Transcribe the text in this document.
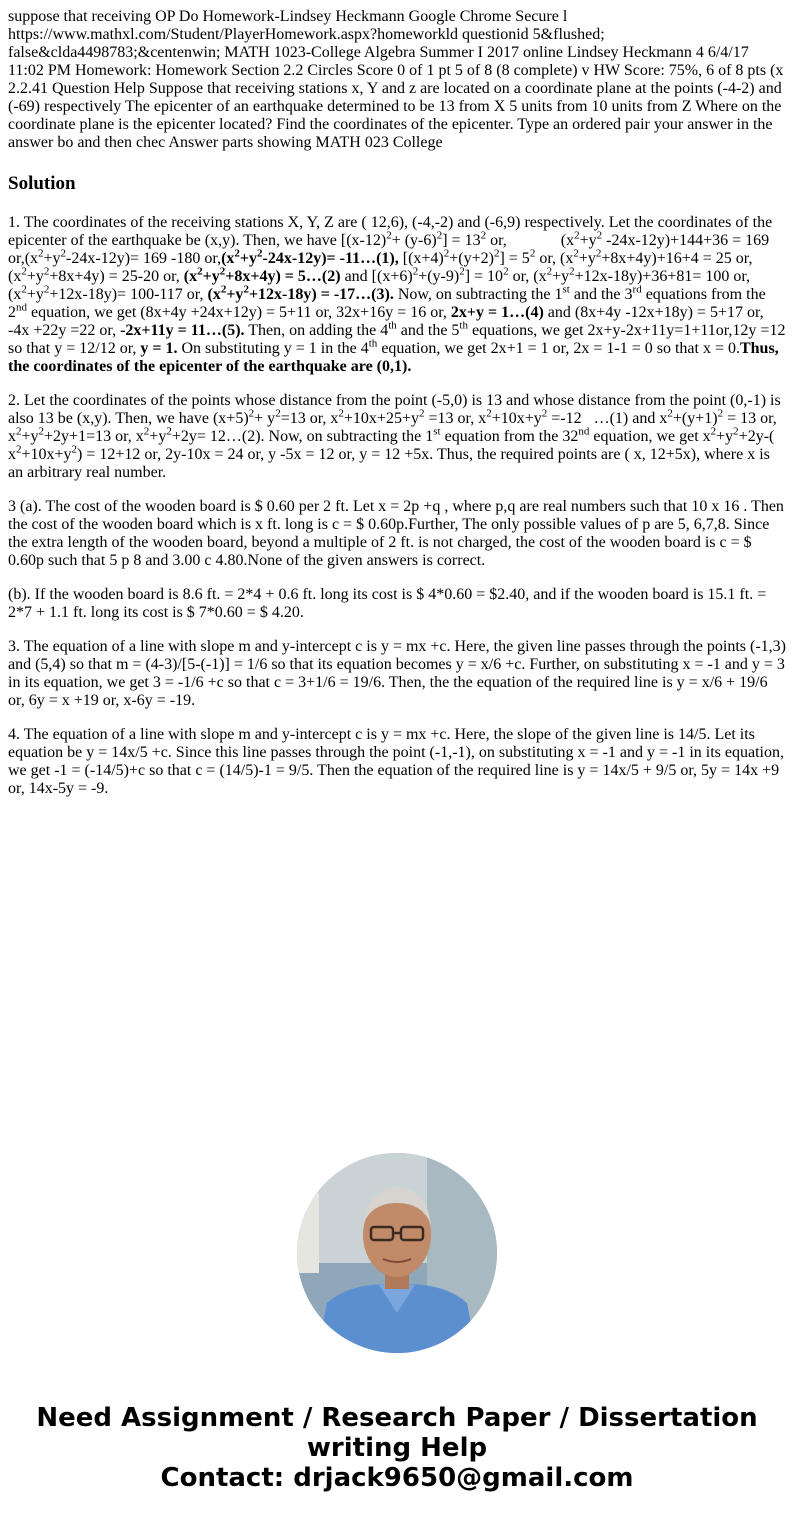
suppose that receiving OP Do Homework-Lindsey Heckmann Google Chrome Secure l https://www.mathxl.com/Student/PlayerHomework.aspx?homeworkld questionid 5&flushed; false&clda4498783;&centenwin; MATH 1023-College Algebra Summer I 2017 online Lindsey Heckmann 4 6/4/17 11:02 PM Homework: Homework Section 2.2 Circles Score 0 of 1 pt 5 of 8 (8 complete) v HW Score: 75%, 6 of 8 pts (x 2.2.41 Question Help Suppose that receiving stations x, Y and z are located on a coordinate plane at the points (-4-2) and (-69) respectively The epicenter of an earthquake determined to be 13 from X 5 units from 10 units from Z Where on the coordinate plane is the epicenter located? Find the coordinates of the epicenter. Type an ordered pair your answer in the answer bo and then chec Answer parts showing MATH 023 College

Solution

1. The coordinates of the receiving stations X, Y, Z are ( 12,6), (-4,-2) and (-6,9) respectively. Let the coordinates of the epicenter of the earthquake be (x,y). Then, we have $[(x-12)^2+ (y-6)^2] = 13^2$ or,	($x^2+y^2$ -24x-12y)+144+36 = 169 $or,(x^2+y^2-24x-12y)= 169$ -180 $or,(x^2+y^2-24x-12y)=$ -11…(1), $[(x+4)^2+(y+2)^2] = 5^2$ or, $(x^2+y^2+8x+4y)+16+4 = 25$ or, $(x^2+y^2+8x+4y) = 25-20$ or, $(x^2+y^2+8x+4y)$ = 5…(2) and $[(x+6)^2+(y-9)^2] = 10^2$ or, $(x^2+y^2+12x-18y)+36+81= 100$ or, $(x^2+y^2+12x-18y)= 100-117$ or, $(x^2+y^2+12x-18y)$ = -17…(3). Now, on subtracting the 1st and the 3rd equations from the 2nd equation, we get (8x+4y +24x+12y) = 5+11 or, 32x+16y = 16 or, 2x+y = 1…(4) and (8x+4y -12x+18y) = 5+17 or, -4x +22y =22 or, -2x+11y = 11…(5). Then, on adding the 4th and the 5th equations, we get 2x+y-2x+11y=1+11or,12y =12 so that y = 12/12 or, y = 1. On substituting y = 1 in the 4th equation, we get 2x+1 = 1 or, 2x = 1-1 = 0 so that x = 0.Thus, the coordinates of the epicenter of the earthquake are (0,1).

2. Let the coordinates of the points whose distance from the point (-5,0) is 13 and whose distance from the point (0,-1) is also 13 be (x,y). Then, we have $(x+5)^2+ y^2=13$ or, $x^2+10x+25+y^2 =13$ or, $x^2+10x+y^2 =-12$   …(1) and $x^2+(y+1)^2 = 13$ or, $x^2+y^2+2y+1=13$ or, $x^2+y^2+2y=$ 12…(2). Now, on subtracting the 1st equation from the 32nd equation, we get $x^2+y^2+2y-$( $x^2+10x+y^2) = 12+12$ or, 2y-10x = 24 or, y -5x = 12 or, y = 12 +5x. Thus, the required points are ( x, 12+5x), where x is an arbitrary real number.

3 (a). The cost of the wooden board is $ 0.60 per 2 ft. Let x = 2p +q , where p,q are real numbers such that 10 x 16 . Then the cost of the wooden board which is x ft. long is c = $ 0.60p.Further, The only possible values of p are 5, 6,7,8. Since the extra length of the wooden board, beyond a multiple of 2 ft. is not charged, the cost of the wooden board is c = $ 0.60p such that 5 p 8 and 3.00 c 4.80.None of the given answers is correct.

(b). If the wooden board is 8.6 ft. = 2*4 + 0.6 ft. long its cost is $ 4*0.60 = $2.40, and if the wooden board is 15.1 ft. = 2*7 + 1.1 ft. long its cost is $ 7*0.60 = $ 4.20.

3. The equation of a line with slope m and y-intercept c is y = mx +c. Here, the given line passes through the points (-1,3) and (5,4) so that m = (4-3)/[5-(-1)] = 1/6 so that its equation becomes y = x/6 +c. Further, on substituting x = -1 and y = 3 in its equation, we get 3 = -1/6 +c so that c = 3+1/6 = 19/6. Then, the the equation of the required line is y = x/6 + 19/6 or, 6y = x +19 or, x-6y = -19.

4. The equation of a line with slope m and y-intercept c is y = mx +c. Here, the slope of the given line is 14/5. Let its equation be y = 14x/5 +c. Since this line passes through the point (-1,-1), on substituting x = -1 and y = -1 in its equation, we get -1 = (-14/5)+c so that c = (14/5)-1 = 9/5. Then the equation of the required line is y = 14x/5 + 9/5 or, 5y = 14x +9 or, 14x-5y = -9.

Need Assignment / Research Paper / Dissertation
writing Help
Contact: drjack9650@gmail.com
